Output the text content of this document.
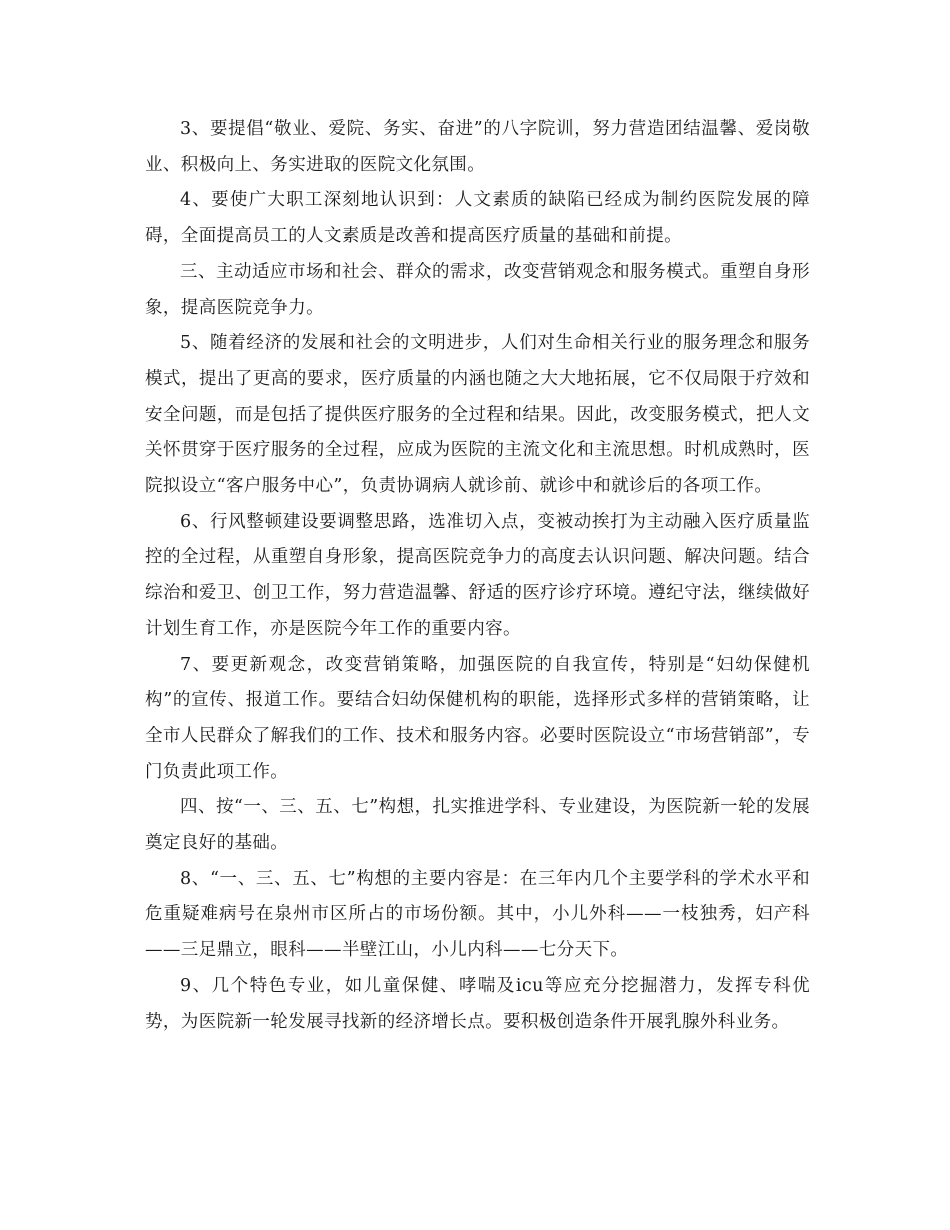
3、要提倡“敬业、爱院、务实、奋进”的八字院训，努力营造团结温馨、爱岗敬业、积极向上、务实进取的医院文化氛围。

4、要使广大职工深刻地认识到：人文素质的缺陷已经成为制约医院发展的障碍，全面提高员工的人文素质是改善和提高医疗质量的基础和前提。

三、主动适应市场和社会、群众的需求，改变营销观念和服务模式。重塑自身形象，提高医院竞争力。

5、随着经济的发展和社会的文明进步，人们对生命相关行业的服务理念和服务模式，提出了更高的要求，医疗质量的内涵也随之大大地拓展，它不仅局限于疗效和安全问题，而是包括了提供医疗服务的全过程和结果。因此，改变服务模式，把人文关怀贯穿于医疗服务的全过程，应成为医院的主流文化和主流思想。时机成熟时，医院拟设立“客户服务中心”，负责协调病人就诊前、就诊中和就诊后的各项工作。

6、行风整顿建设要调整思路，选准切入点，变被动挨打为主动融入医疗质量监控的全过程，从重塑自身形象，提高医院竞争力的高度去认识问题、解决问题。结合综治和爱卫、创卫工作，努力营造温馨、舒适的医疗诊疗环境。遵纪守法，继续做好计划生育工作，亦是医院今年工作的重要内容。

7、要更新观念，改变营销策略，加强医院的自我宣传，特别是“妇幼保健机构”的宣传、报道工作。要结合妇幼保健机构的职能，选择形式多样的营销策略，让全市人民群众了解我们的工作、技术和服务内容。必要时医院设立“市场营销部”，专门负责此项工作。

四、按“一、三、五、七”构想，扎实推进学科、专业建设，为医院新一轮的发展奠定良好的基础。

8、“一、三、五、七”构想的主要内容是：在三年内几个主要学科的学术水平和危重疑难病号在泉州市区所占的市场份额。其中，小儿外科——一枝独秀，妇产科——三足鼎立，眼科——半壁江山，小儿内科——七分天下。

9、几个特色专业，如儿童保健、哮喘及icu等应充分挖掘潜力，发挥专科优势，为医院新一轮发展寻找新的经济增长点。要积极创造条件开展乳腺外科业务。
